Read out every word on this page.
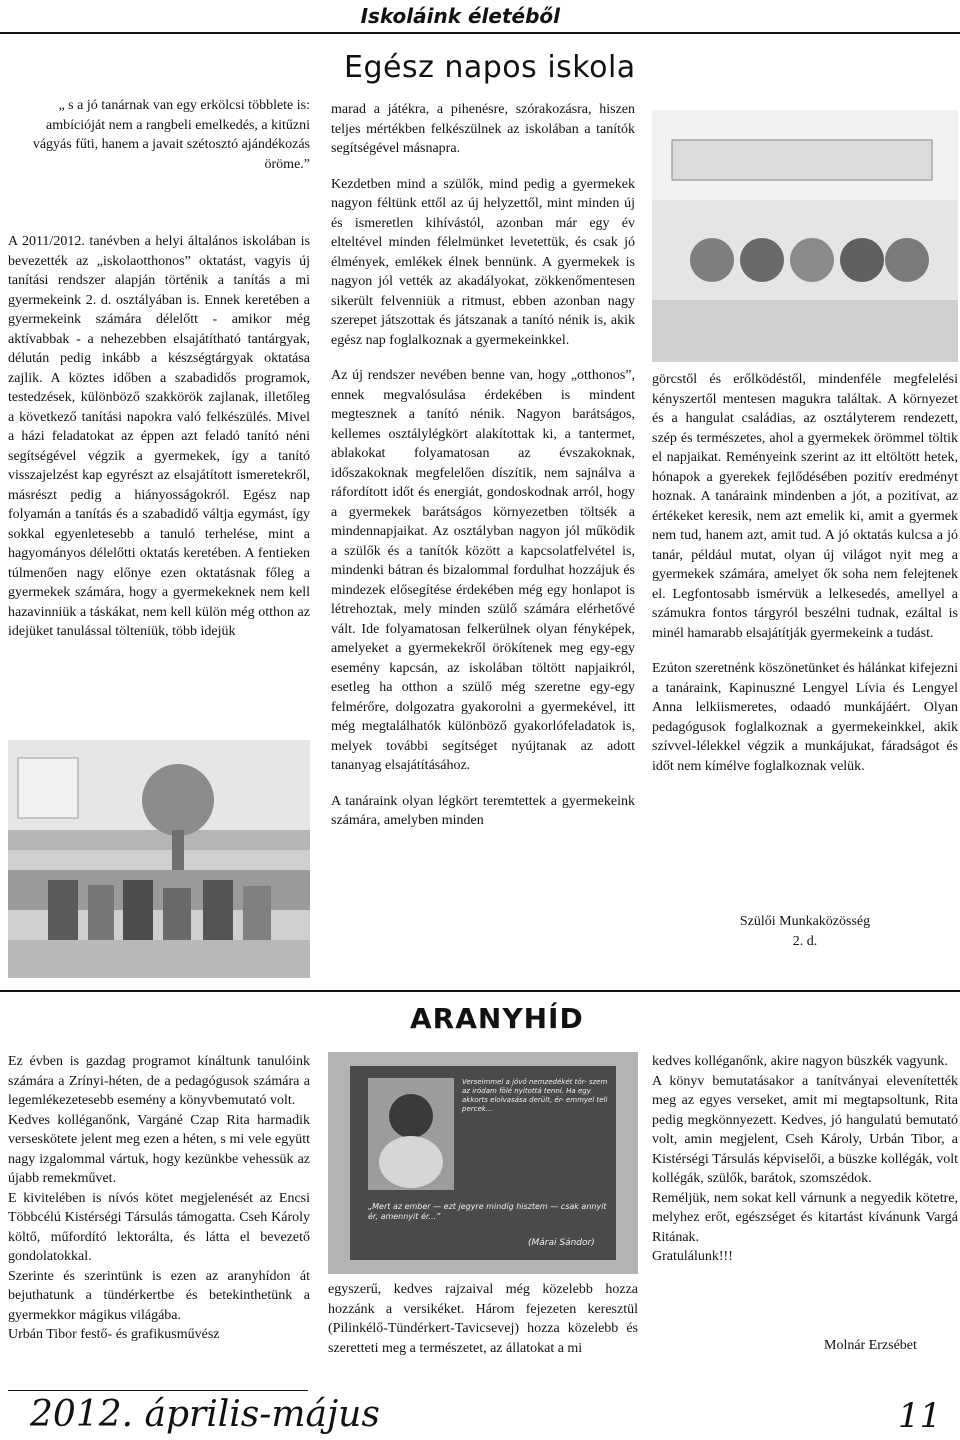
Iskoláink életéből
Egész napos iskola
„ s a jó tanárnak van egy erkölcsi többlete is: ambícióját nem a rangbeli emelkedés, a kitűzni vágyás fűti, hanem a javait szétosztó ajándékozás öröme.”

A 2011/2012. tanévben a helyi általános iskolában is bevezették az „iskolaotthonos” oktatást, vagyis új tanítási rendszer alapján történik a tanítás a mi gyermekeink 2. d. osztályában is. Ennek keretében a gyermekeink számára délelőtt - amikor még aktívabbak - a nehezebben elsajátítható tantárgyak, délután pedig inkább a készségtárgyak oktatása zajlik. A köztes időben a szabadidős programok, testedzések, különböző szakkörök zajlanak, illetőleg a következő tanítási napokra való felkészülés. Mivel a házi feladatokat az éppen azt feladó tanító néni segítségével végzik a gyermekek, így a tanító visszajelzést kap egyrészt az elsajátított ismeretekről, másrészt pedig a hiányosságokról. Egész nap folyamán a tanítás és a szabadidő váltja egymást, így sokkal egyenletesebb a tanuló terhelése, mint a hagyományos délelőtti oktatás keretében. A fentieken túlmenően nagy előnye ezen oktatásnak főleg a gyermekek számára, hogy a gyermekeknek nem kell hazavinniük a táskákat, nem kell külön még otthon az idejüket tanulással tölteniük, több idejük

marad a játékra, a pihenésre, szórakozásra, hiszen teljes mértékben felkészülnek az iskolában a tanítók segítségével másnapra.

Kezdetben mind a szülők, mind pedig a gyermekek nagyon féltünk ettől az új helyzettől, mint minden új és ismeretlen kihívástól, azonban már egy év elteltével minden félelmünket levetettük, és csak jó élmények, emlékek élnek bennünk. A gyermekek is nagyon jól vették az akadályokat, zökkenőmentesen sikerült felvenniük a ritmust, ebben azonban nagy szerepet játszottak és játszanak a tanító nénik is, akik egész nap foglalkoznak a gyermekeinkkel.

Az új rendszer nevében benne van, hogy „otthonos”, ennek megvalósulása érdekében is mindent megtesznek a tanító nénik. Nagyon barátságos, kellemes osztálylégkört alakítottak ki, a tantermet, ablakokat folyamatosan az évszakoknak, időszakoknak megfelelően díszítik, nem sajnálva a ráfordított időt és energiát, gondoskodnak arról, hogy a gyermekek barátságos környezetben töltsék a mindennapjaikat. Az osztályban nagyon jól működik a szülők és a tanítók között a kapcsolatfelvétel is, mindenki bátran és bizalommal fordulhat hozzájuk és mindezek elősegítése érdekében még egy honlapot is létrehoztak, mely minden szülő számára elérhetővé vált. Ide folyamatosan felkerülnek olyan fényképek, amelyeket a gyermekekről örökítenek meg egy-egy esemény kapcsán, az iskolában töltött napjaikról, esetleg ha otthon a szülő még szeretne egy-egy felmérőre, dolgozatra gyakorolni a gyermekével, itt még megtalálhatók különböző gyakorlófeladatok is, melyek további segítséget nyújtanak az adott tananyag elsajátításához.

A tanáraink olyan légkört teremtettek a gyermekeink számára, amelyben minden

görcstől és erőlködéstől, mindenféle megfelelési kényszertől mentesen magukra találtak. A környezet és a hangulat családias, az osztályterem rendezett, szép és természetes, ahol a gyermekek örömmel töltik el napjaikat. Reményeink szerint az itt eltöltött hetek, hónapok a gyerekek fejlődésében pozitív eredményt hoznak. A tanáraink mindenben a jót, a pozitívat, az értékeket keresik, nem azt emelik ki, amit a gyermek nem tud, hanem azt, amit tud. A jó oktatás kulcsa a jó tanár, például mutat, olyan új világot nyit meg a gyermekek számára, amelyet ők soha nem felejtenek el. Legfontosabb ismérvük a lelkesedés, amellyel a számukra fontos tárgyról beszélni tudnak, ezáltal is minél hamarabb elsajátítják gyermekeink a tudást.

Ezúton szeretnénk köszönetünket és hálánkat kifejezni a tanáraink, Kapinuszné Lengyel Lívia és Lengyel Anna lelkiismeretes, odaadó munkájáért. Olyan pedagógusok foglalkoznak a gyermekeinkkel, akik szívvel-lélekkel végzik a munkájukat, fáradságot és időt nem kímélve foglalkoznak velük.

Szülői Munkaközösség
2. d.
ARANYHÍD

Ez évben is gazdag programot kínáltunk tanulóink számára a Zrínyi-héten, de a pedagógusok számára a legemlékezetesebb esemény a könyvbemutató volt.

Kedves kolléganőnk, Vargáné Czap Rita harmadik verseskötete jelent meg ezen a héten, s mi vele együtt nagy izgalommal vártuk, hogy kezünkbe vehessük az újabb remekművet.

E kivitelében is nívós kötet megjelenését az Encsi Többcélú Kistérségi Társulás támogatta. Cseh Károly költő, műfordító lektorálta, és látta el bevezető gondolatokkal.

Szerinte és szerintünk is ezen az aranyhídon át bejuthatunk a tündérkertbe és betekinthetünk a gyermekkor mágikus világába.

Urbán Tibor festő- és grafikusművész

Verseimmel a jövő nemzedékét tör- szem az iródam fölé nyitottá tenni. Ha egy akkorts elolvasása derült, ér- emmyel teli percek...
„Mert az ember — ezt jegyre mindíg hisztem — csak annyit ér, amennyit ér...”
(Márai Sándor)

egyszerű, kedves rajzaival még közelebb hozza hozzánk a versikéket. Három fejezeten keresztül (Pilinkélő-Tündérkert-Tavicsevej) hozza közelebb és szeretteti meg a természetet, az állatokat a mi

kedves kolléganőnk, akire nagyon büszkék vagyunk.

A könyv bemutatásakor a tanítványai elevenítették meg az egyes verseket, amit mi megtapsoltunk, Rita pedig megkönnyezett. Kedves, jó hangulatú bemutató volt, amin megjelent, Cseh Károly, Urbán Tibor, a Kistérségi Társulás képviselői, a büszke kollégák, volt kollégák, szülők, barátok, szomszédok.

Reméljük, nem sokat kell várnunk a negyedik kötetre, melyhez erőt, egészséget és kitartást kívánunk Vargá Ritának.

Gratulálunk!!!

Molnár Erzsébet
2012. április-május	11
